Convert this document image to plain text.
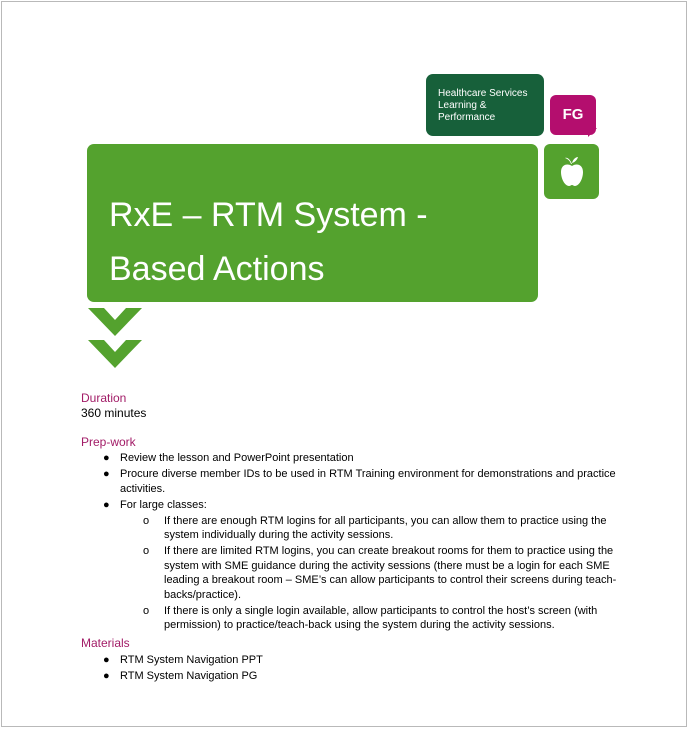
Healthcare Services
Learning &
Performance	FG
RxE – RTM System -
Based Actions
Duration
360 minutes
Prep-work
● Review the lesson and PowerPoint presentation
● Procure diverse member IDs to be used in RTM Training environment for demonstrations and practice activities.
● For large classes:
o If there are enough RTM logins for all participants, you can allow them to practice using the system individually during the activity sessions.
o If there are limited RTM logins, you can create breakout rooms for them to practice using the system with SME guidance during the activity sessions (there must be a login for each SME leading a breakout room – SME’s can allow participants to control their screens during teach-backs/practice).
o If there is only a single login available, allow participants to control the host’s screen (with permission) to practice/teach-back using the system during the activity sessions.
Materials
● RTM System Navigation PPT
● RTM System Navigation PG
